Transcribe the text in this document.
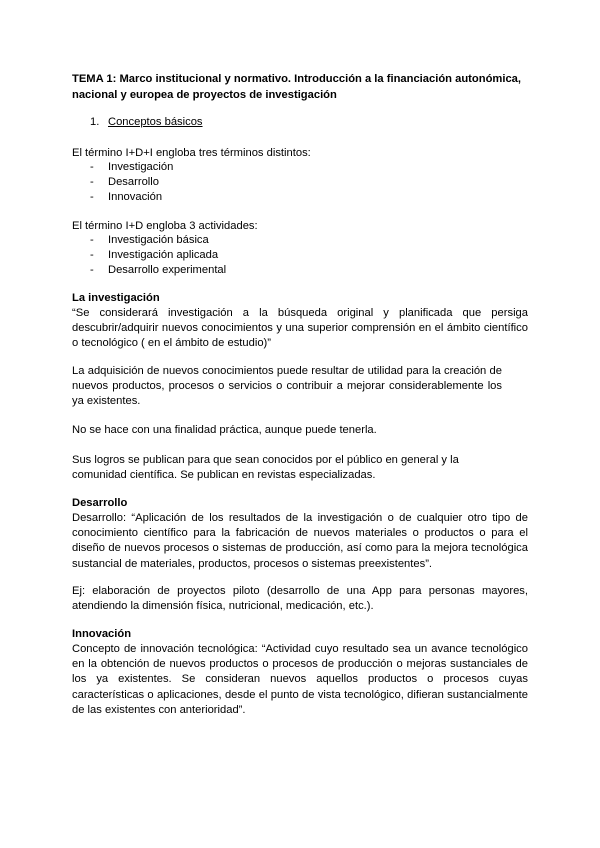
TEMA 1: Marco institucional y normativo. Introducción a la financiación autonómica, nacional y europea de proyectos de investigación
1. Conceptos básicos
El término I+D+I engloba tres términos distintos:
- Investigación
- Desarrollo
- Innovación
El término I+D engloba 3 actividades:
- Investigación básica
- Investigación aplicada
- Desarrollo experimental
La investigación
“Se considerará investigación a la búsqueda original y planificada que persiga descubrir/adquirir nuevos conocimientos y una superior comprensión en el ámbito científico o tecnológico ( en el ámbito de estudio)”
La adquisición de nuevos conocimientos puede resultar de utilidad para la creación de nuevos productos, procesos o servicios o contribuir a mejorar considerablemente los ya existentes.
No se hace con una finalidad práctica, aunque puede tenerla.
Sus logros se publican para que sean conocidos por el público en general y la comunidad científica. Se publican en revistas especializadas.
Desarrollo
Desarrollo: “Aplicación de los resultados de la investigación o de cualquier otro tipo de conocimiento científico para la fabricación de nuevos materiales o productos o para el diseño de nuevos procesos o sistemas de producción, así como para la mejora tecnológica sustancial de materiales, productos, procesos o sistemas preexistentes”.
Ej: elaboración de proyectos piloto (desarrollo de una App para personas mayores, atendiendo la dimensión física, nutricional, medicación, etc.).
Innovación
Concepto de innovación tecnológica: “Actividad cuyo resultado sea un avance tecnológico en la obtención de nuevos productos o procesos de producción o mejoras sustanciales de los ya existentes. Se consideran nuevos aquellos productos o procesos cuyas características o aplicaciones, desde el punto de vista tecnológico, difieran sustancialmente de las existentes con anterioridad”.
